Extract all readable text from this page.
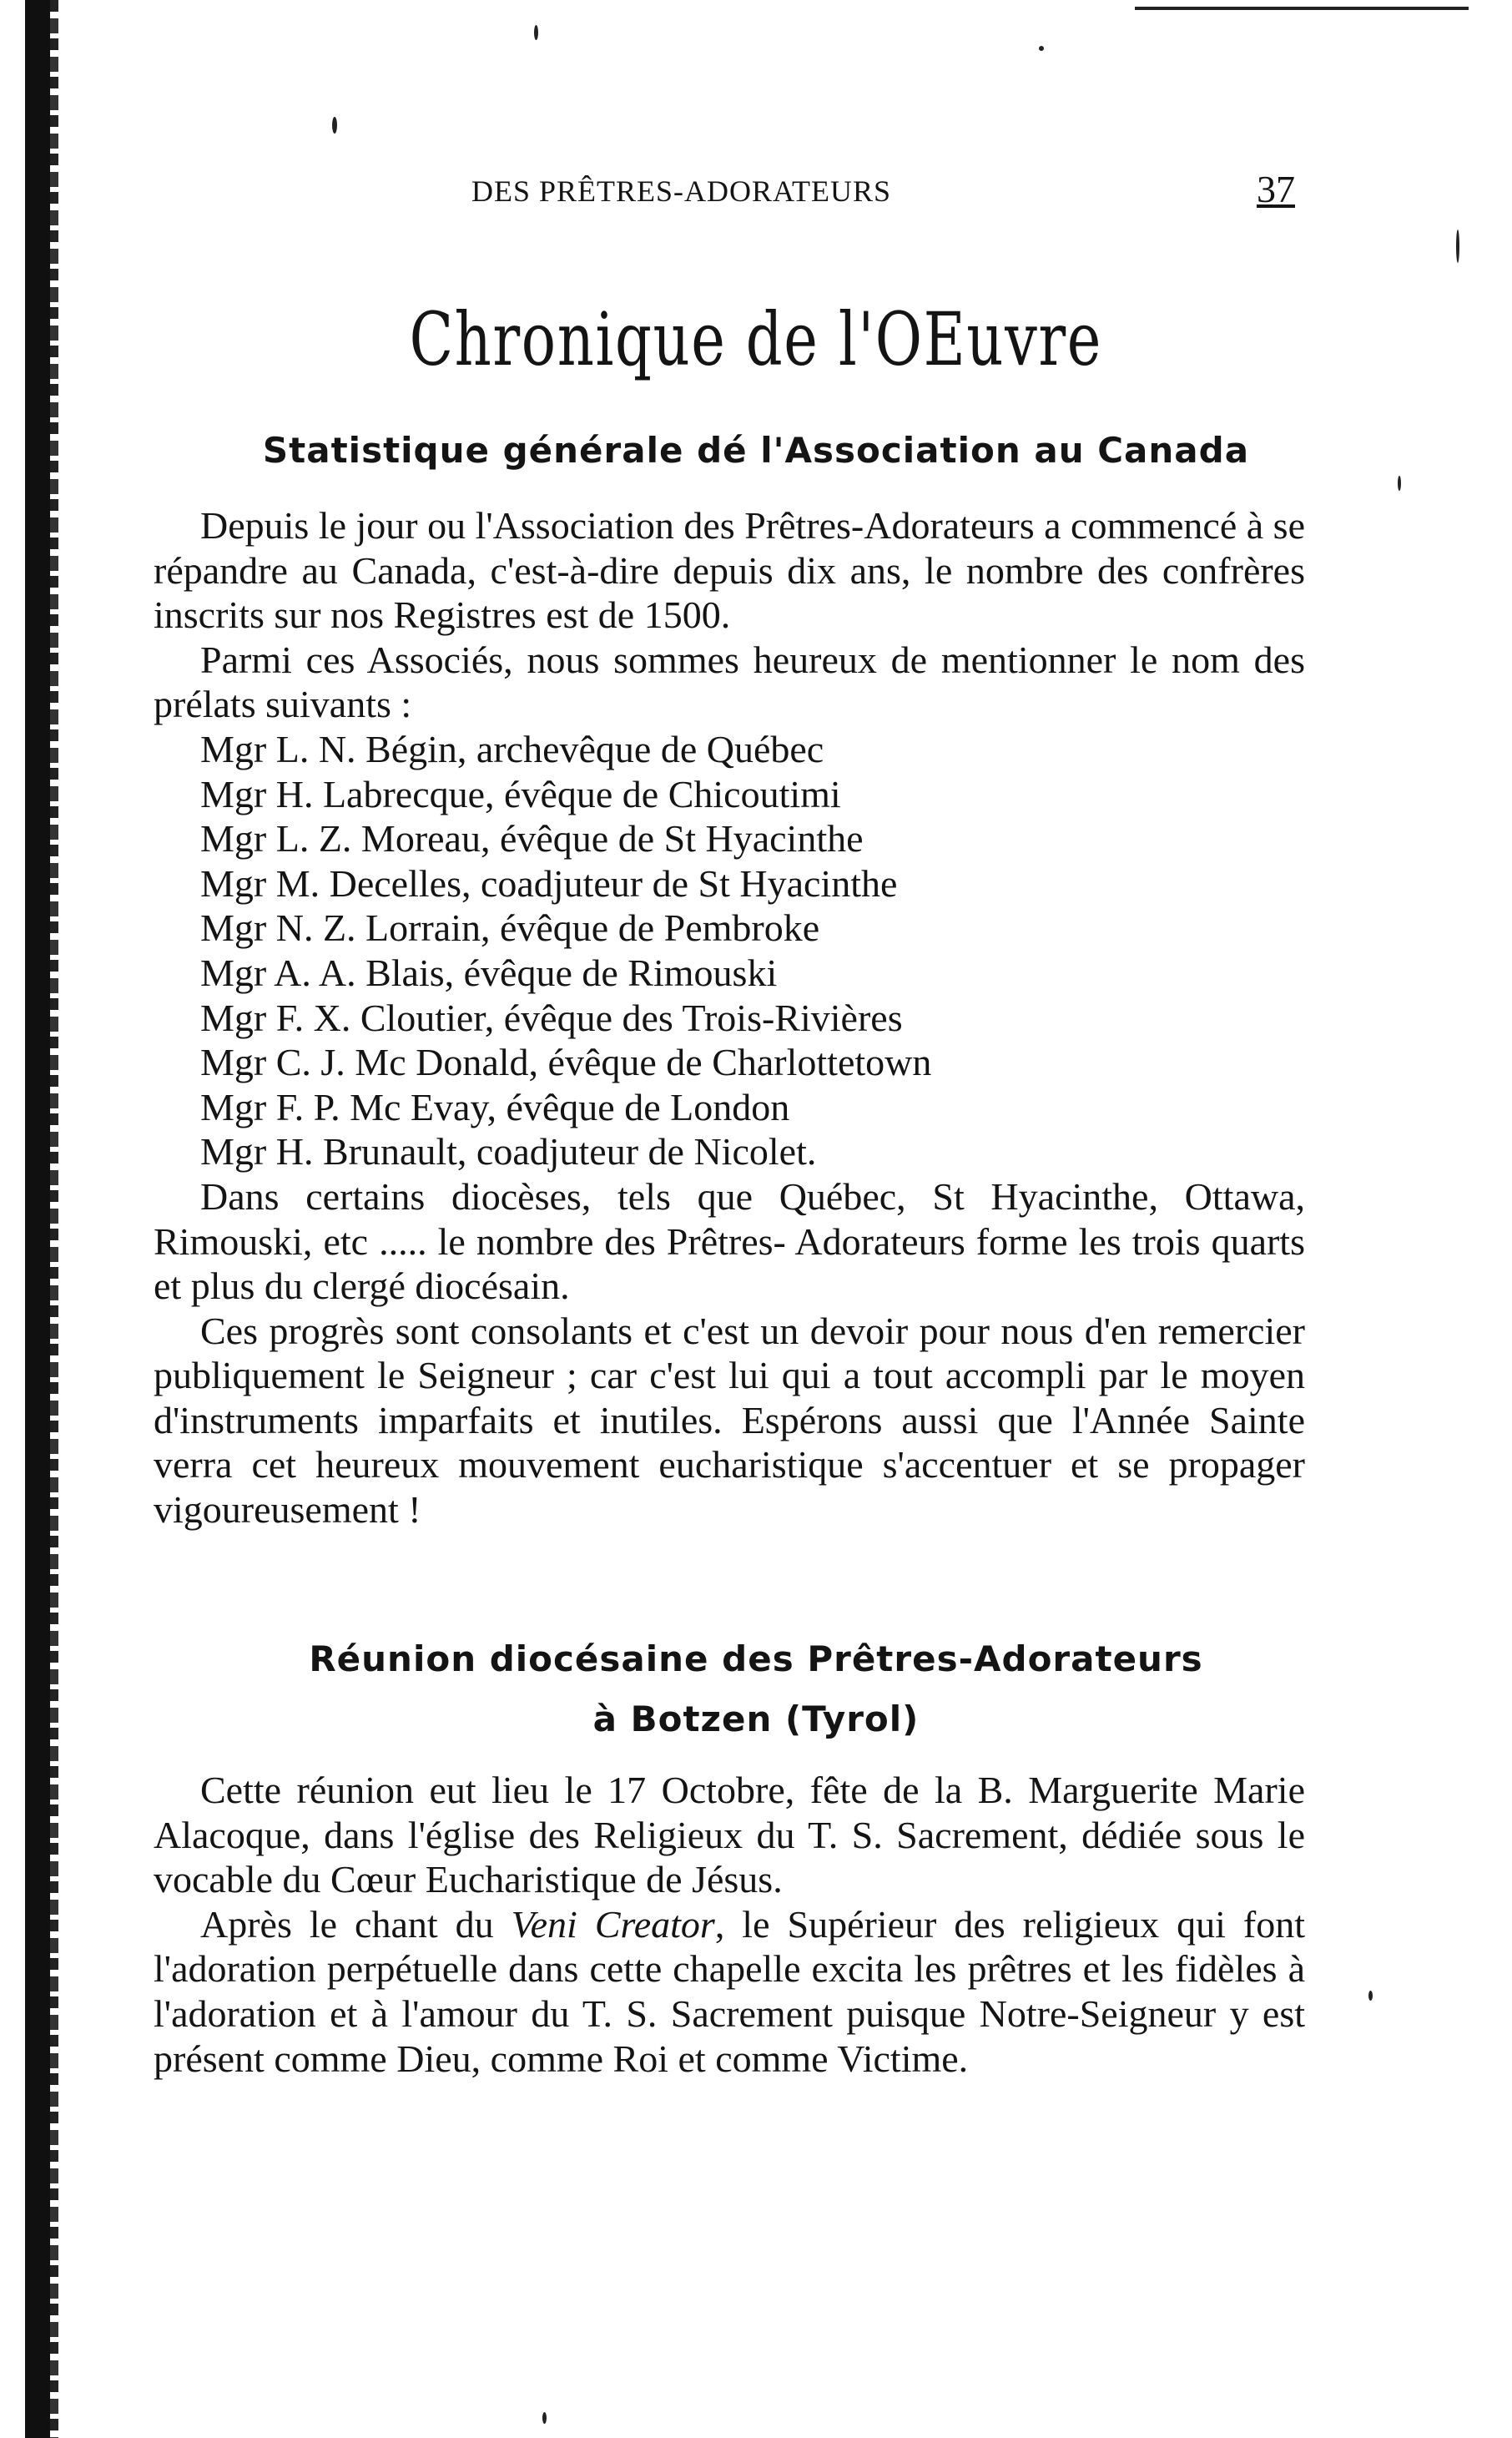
DES PRÊTRES-ADORATEURS	37
Chronique de l'OEuvre
Statistique générale dé l'Association au Canada

Depuis le jour ou l'Association des Prêtres-Adorateurs a commencé à se répandre au Canada, c'est-à-dire depuis dix ans, le nombre des confrères inscrits sur nos Registres est de 1500.

Parmi ces Associés, nous sommes heureux de mentionner le nom des prélats suivants :

Mgr L. N. Bégin, archevêque de Québec
Mgr H. Labrecque, évêque de Chicoutimi
Mgr L. Z. Moreau, évêque de St Hyacinthe
Mgr M. Decelles, coadjuteur de St Hyacinthe
Mgr N. Z. Lorrain, évêque de Pembroke
Mgr A. A. Blais, évêque de Rimouski
Mgr F. X. Cloutier, évêque des Trois-Rivières
Mgr C. J. Mc Donald, évêque de Charlottetown
Mgr F. P. Mc Evay, évêque de London
Mgr H. Brunault, coadjuteur de Nicolet.

Dans certains diocèses, tels que Québec, St Hyacinthe, Ottawa, Rimouski, etc ..... le nombre des Prêtres- Adorateurs forme les trois quarts et plus du clergé diocésain.

Ces progrès sont consolants et c'est un devoir pour nous d'en remercier publiquement le Seigneur ; car c'est lui qui a tout accompli par le moyen d'instruments imparfaits et inutiles. Espérons aussi que l'Année Sainte verra cet heureux mouvement eucharistique s'accentuer et se propager vigoureusement !

Réunion diocésaine des Prêtres-Adorateurs
à Botzen (Tyrol)

Cette réunion eut lieu le 17 Octobre, fête de la B. Marguerite Marie Alacoque, dans l'église des Religieux du T. S. Sacrement, dédiée sous le vocable du Cœur Eucharistique de Jésus.

Après le chant du Veni Creator, le Supérieur des religieux qui font l'adoration perpétuelle dans cette chapelle excita les prêtres et les fidèles à l'adoration et à l'amour du T. S. Sacrement puisque Notre-Seigneur y est présent comme Dieu, comme Roi et comme Victime.
